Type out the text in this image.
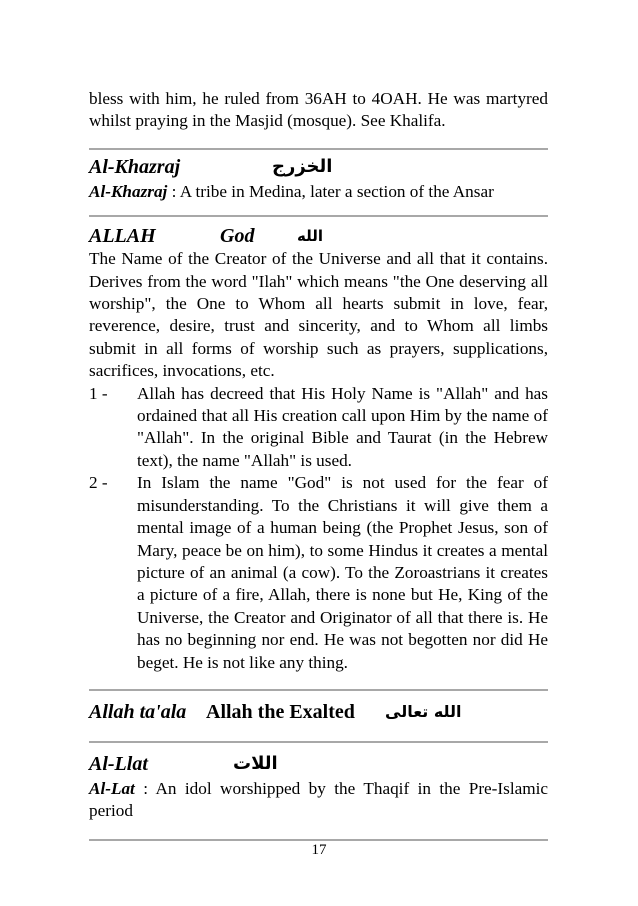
bless with him, he ruled from 36AH to 4OAH. He was martyred whilst praying in the Masjid (mosque). See Khalifa.

Al-Khazraj	الخزرج

Al-Khazraj : A tribe in Medina, later a section of the Ansar

ALLAH	God	الله

The Name of the Creator of the Universe and all that it contains. Derives from the word "Ilah" which means "the One deserving all worship", the One to Whom all hearts submit in love, fear, reverence, desire, trust and sincerity, and to Whom all limbs submit in all forms of worship such as prayers, supplications, sacrifices, invocations, etc.

1 - Allah has decreed that His Holy Name is "Allah" and has ordained that all His creation call upon Him by the name of "Allah". In the original Bible and Taurat (in the Hebrew text), the name "Allah" is used.
2 - In Islam the name "God" is not used for the fear of misunderstanding. To the Christians it will give them a mental image of a human being (the Prophet Jesus, son of Mary, peace be on him), to some Hindus it creates a mental picture of an animal (a cow). To the Zoroastrians it creates a picture of a fire, Allah, there is none but He, King of the Universe, the Creator and Originator of all that there is. He has no beginning nor end. He was not begotten nor did He beget. He is not like any thing.
Allah ta'ala Allah the Exalted الله تعالى
Al-Llat	اللات

Al-Lat : An idol worshipped by the Thaqif in the Pre-Islamic period

17
